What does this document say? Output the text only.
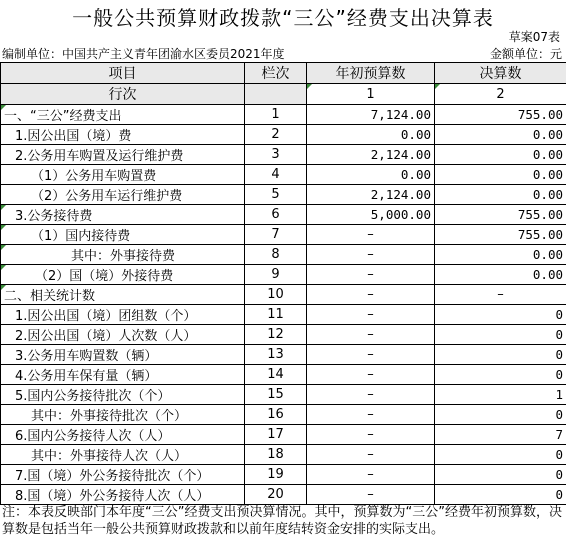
一般公共预算财政拨款“三公”经费支出决算表
草案07表
编制单位：中国共产主义青年团渝水区委员2021年度	金额单位：元
项目	栏次	年初预算数	决算数
行次		1	2
一、“三公”经费支出	1	7,124.00	755.00
1.因公出国（境）费	2	0.00	0.00
2.公务用车购置及运行维护费	3	2,124.00	0.00
（1）公务用车购置费	4	0.00	0.00
（2）公务用车运行维护费	5	2,124.00	0.00
3.公务接待费	6	5,000.00	755.00
（1）国内接待费	7	–	755.00
其中：外事接待费	8	–	0.00
（2）国（境）外接待费	9	–	0.00
二、相关统计数	10	–	–
1.因公出国（境）团组数（个）	11	–	0
2.因公出国（境）人次数（人）	12	–	0
3.公务用车购置数（辆）	13	–	0
4.公务用车保有量（辆）	14	–	0
5.国内公务接待批次（个）	15	–	1
其中：外事接待批次（个）	16	–	0
6.国内公务接待人次（人）	17	–	7
其中：外事接待人次（人）	18	–	0
7.国（境）外公务接待批次（个）	19	–	0
8.国（境）外公务接待人次（人）	20	–	0
注：本表反映部门本年度“三公”经费支出预决算情况。其中，预算数为“三公”经费年初预算数，决算数是包括当年一般公共预算财政拨款和以前年度结转资金安排的实际支出。
